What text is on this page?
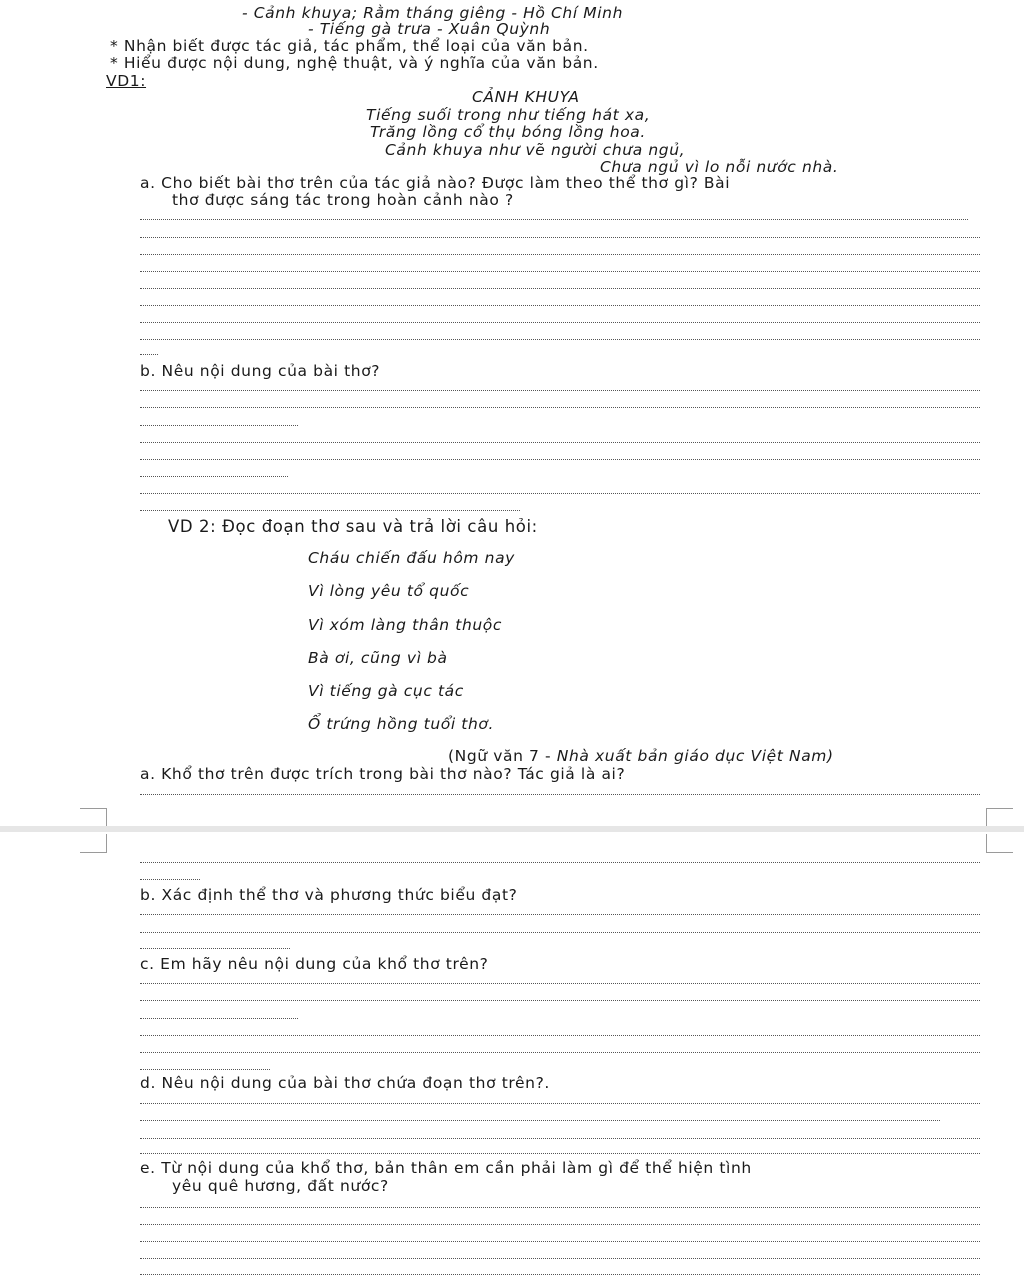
- Cảnh khuya; Rằm tháng giêng - Hồ Chí Minh
- Tiếng gà trưa - Xuân Quỳnh
* Nhận biết được tác giả, tác phẩm, thể loại của văn bản.
* Hiểu được nội dung, nghệ thuật, và ý nghĩa của văn bản.
VD1:
CẢNH KHUYA
Tiếng suối trong như tiếng hát xa,
Trăng lồng cổ thụ bóng lồng hoa.
Cảnh khuya như vẽ người chưa ngủ,
Chưa ngủ vì lo nỗi nước nhà.
a. Cho biết bài thơ trên của tác giả nào? Được làm theo thể thơ gì? Bài
thơ được sáng tác trong hoàn cảnh nào ?
b. Nêu nội dung của bài thơ?
VD 2: Đọc đoạn thơ sau và trả lời câu hỏi:
Cháu chiến đấu hôm nay
Vì lòng yêu tổ quốc
Vì xóm làng thân thuộc
Bà ơi, cũng vì bà
Vì tiếng gà cục tác
Ổ trứng hồng tuổi thơ.
(Ngữ văn 7 - Nhà xuất bản giáo dục Việt Nam)
a. Khổ thơ trên được trích trong bài thơ nào? Tác giả là ai?
b. Xác định thể thơ và phương thức biểu đạt?
c. Em hãy nêu nội dung của khổ thơ trên?
d. Nêu nội dung của bài thơ chứa đoạn thơ trên?.
e. Từ nội dung của khổ thơ, bản thân em cần phải làm gì để thể hiện tình
yêu quê hương, đất nước?
